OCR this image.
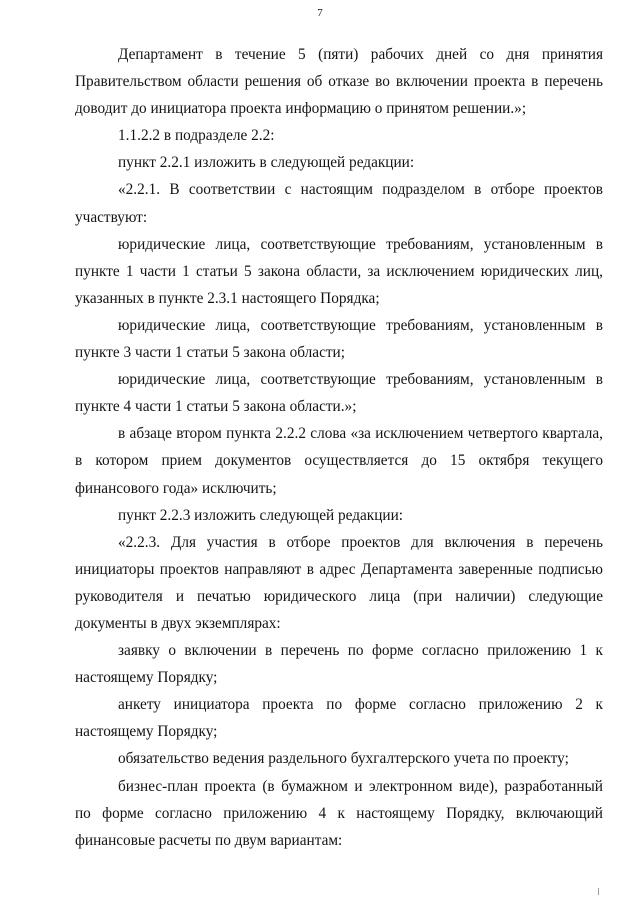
7

Департамент в течение 5 (пяти) рабочих дней со дня принятия Правительством области решения об отказе во включении проекта в перечень доводит до инициатора проекта информацию о принятом решении.»;

1.1.2.2 в подразделе 2.2:

пункт 2.2.1 изложить в следующей редакции:

«2.2.1. В соответствии с настоящим подразделом в отборе проектов участвуют:

юридические лица, соответствующие требованиям, установленным в пункте 1 части 1 статьи 5 закона области, за исключением юридических лиц, указанных в пункте 2.3.1 настоящего Порядка;

юридические лица, соответствующие требованиям, установленным в пункте 3 части 1 статьи 5 закона области;

юридические лица, соответствующие требованиям, установленным в пункте 4 части 1 статьи 5 закона области.»;

в абзаце втором пункта 2.2.2 слова «за исключением четвертого квартала, в котором прием документов осуществляется до 15 октября текущего финансового года» исключить;

пункт 2.2.3 изложить следующей редакции:

«2.2.3. Для участия в отборе проектов для включения в перечень инициаторы проектов направляют в адрес Департамента заверенные подписью руководителя и печатью юридического лица (при наличии) следующие документы в двух экземплярах:

заявку о включении в перечень по форме согласно приложению 1 к настоящему Порядку;

анкету инициатора проекта по форме согласно приложению 2 к настоящему Порядку;

обязательство ведения раздельного бухгалтерского учета по проекту;

бизнес-план проекта (в бумажном и электронном виде), разработанный по форме согласно приложению 4 к настоящему Порядку, включающий финансовые расчеты по двум вариантам:
